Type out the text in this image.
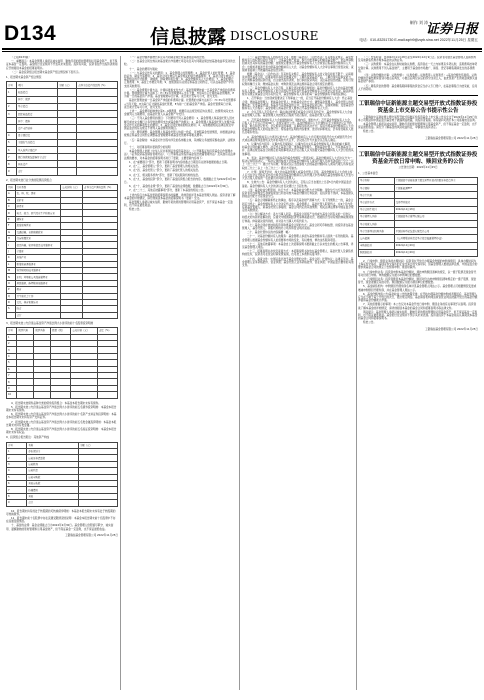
D134	信息披露 DISCLOSURE
制作 刘 涛
证券日报
电话：010-83251730 E-mail:zqrb9@zqrb.sina.net 2022年11月25日 星期五

（上接D133版）

一、重要提示：本基金管理人承诺以诚实信用、勤勉尽责的原则管理和运用基金资产，但不保证本基金一定盈利。基金的过往业绩并不代表其未来表现。投资有风险，投资者在作出投资决策前应仔细阅读本基金的招募说明书。

（二）基金投资组合报告期末基金资产组合情况如下表所示。

1、报告期末基金资产组合情况
序号	项目	金额（元）	占基金总资产的比例（%）
1	权益投资		
	其中：股票		
2	基金投资		
3	固定收益投资		
	其中：债券		
	资产支持证券		
4	贵金属投资		
5	金融衍生品投资		
6	买入返售金融资产		
7	银行存款和结算备付金合计		
8	其他资产		
9	合计		
2、报告期末按行业分类的股票投资组合
代码	行业类别	公允价值（元）	占基金资产净值比例（%）
A	农、林、牧、渔业		
B	采矿业		
C	制造业		
D	电力、热力、燃气及水生产和供应业		
E	建筑业		
F	批发和零售业		
G	交通运输、仓储和邮政业		
H	住宿和餐饮业		
I	信息传输、软件和信息技术服务业		
J	金融业		
K	房地产业		
L	租赁和商务服务业		
M	科学研究和技术服务业		
N	水利、环境和公共设施管理业		
O	居民服务、修理和其他服务业		
P	教育		
Q	卫生和社会工作		
R	文化、体育和娱乐业		
S	综合		
	合计		
3、报告期末按公允价值占基金资产净值比例大小排序的前十名股票投资明细
序号	股票代码	股票名称	数量（股）	公允价值（元）	占比（%）
1					
2					
3					
4					
5					
6					
7					
8					
9					
10					

4、报告期末按债券品种分类的债券投资组合：本基金本报告期末未持有债券。

5、报告期末按公允价值占基金资产净值比例大小排序的前五名债券投资明细：本基金本报告期末未持有债券。

6、报告期末按公允价值占基金资产净值比例大小排序的前十名资产支持证券投资明细：本基金本报告期末未持有资产支持证券。

7、报告期末按公允价值占基金资产净值比例大小排序的前五名贵金属投资明细：本基金本报告期末未持有贵金属。

8、报告期末按公允价值占基金资产净值比例大小排序的前五名权证投资明细：本基金本报告期末未持有权证。

9、投资组合报告附注：其他资产构成
序号	名称	金额（元）
1	存出保证金	
2	应收证券清算款	
3	应收股利	
4	应收利息	
5	应收申购款	
6	其他应收款	
7	待摊费用	
8	其他	
9	合计	

10、报告期末持有的处于转股期的可转换债券明细：本基金本报告期末未持有处于转股期的可转换债券。

11、报告期末前十名股票中存在流通受限情况的说明：本基金本报告期末前十名股票中不存在流通受限情况。

十、基金的业绩：基金业绩截止日为2022年9月30日。基金管理人依照恪尽职守、诚实信用、谨慎勤勉的原则管理和运用基金财产，但不保证基金一定盈利，也不保证最低收益。

工银瑞信基金管理有限公司 2022年11月25日

（一）基金份额净值增长率及其与同期业绩比较基准收益率的比较。

（二）自基金合同生效以来基金累计净值增长率变动及其与同期业绩比较基准收益率变动的比较。

十一、基金的费用与税收

（一）与基金运作有关的费用：1、基金管理人的管理费；2、基金托管人的托管费；3、基金的证券、期货交易费用；4、基金合同生效后与基金相关的信息披露费用；5、基金合同生效后与基金相关的会计师费、律师费、仲裁费和诉讼费；6、基金份额持有人大会费用；7、基金的银行汇划费用；8、基金上市费及年费；9、按照国家有关规定和基金合同约定，可以在基金财产中列支的其他费用。

（二）基金费用计提方法、计提标准和支付方式：基金管理费按前一日基金资产净值的年费率计提。管理费的计算方法如下：H＝E×年管理费率÷当年天数，H为每日应计提的基金管理费，E为前一日的基金资产净值。基金管理费每日计算，逐日累计至每月月末，按月支付。

基金托管费按前一日基金资产净值的年费率计提。托管费的计算方法如下：H＝E×年托管费率÷当年天数，H为每日应计提的基金托管费，E为前一日的基金资产净值。基金托管费每日计算，逐日累计至每月月末，按月支付。

上述一、基金费用的种类中第3－9项费用，根据有关法规及相应协议规定，按费用实际支出金额列入当期费用，由基金托管人从基金财产中支付。

（三）不列入基金费用的项目：下列费用不列入基金费用：1、基金管理人和基金托管人因未履行或未完全履行义务导致的费用支出或基金财产的损失；2、基金管理人和基金托管人处理与基金运作无关的事项发生的费用；3、基金合同生效前的相关费用；4、其他根据相关法律法规及中国证监会的有关规定不得列入基金费用的项目。

（四）费用调整：基金管理人和基金托管人协商一致后，可按照基金发展情况，并根据法律法规规定和基金合同约定调整基金管理费率或基金托管费率等相关费率。

（五）基金税收：本基金运作过程中涉及的各纳税主体，其纳税义务按国家税收法律、法规执行。

十二、对招募说明书更新部分的说明

本基金管理人依据《中华人民共和国证券投资基金法》、《公开募集证券投资基金运作管理办法》、《证券投资基金销售管理办法》、《公开募集证券投资基金信息披露管理办法》及其他有关法律法规的要求，对本基金的招募说明书进行了更新，主要更新内容如下：

1、在“重要提示”部分，更新了招募说明书内容的截止日期及有关财务数据的截止日期。

2、在“三、基金管理人”部分，更新了基金管理人的相关信息。

3、在“四、基金托管人”部分，更新了基金托管人的相关信息。

4、在“五、相关服务机构”部分，更新了相关服务机构的信息。

5、在“九、基金的投资”部分，更新了基金投资组合报告的内容，数据截止日为2022年9月30日。

6、在“十、基金的业绩”部分，更新了基金的业绩数据，数据截止日为2022年9月30日。

7、在“二十二、其他应披露事项”部分，更新了本基金的相关公告。

上述内容仅为本基金更新招募说明书的摘要，详细资料详见本基金管理人网站。投资者欲了解本基金的详细情况，请仔细阅读本基金的招募说明书（更新）全文。

基金管理人承诺以诚实信用、勤勉尽责的原则管理和运用基金资产，但不保证本基金一定盈利，也不保证最低收益。

特此公告。

（二）基金份额持有人的权利与义务：根据《基金法》、《运作办法》及其他有关规定，基金份额持有人的权利包括但不限于：分享基金财产收益；参与分配清算后的剩余基金财产；依法申请赎回或卖出其持有的基金份额；按照规定要求召开基金份额持有人大会或者召集基金份额持有人大会；出席或者委派代表出席基金份额持有人大会，对基金份额持有人大会审议事项行使表决权；查阅或者复制公开披露的基金信息资料。

根据《基金法》、《运作办法》及其他有关规定，基金份额持有人的义务包括但不限于：认真阅读并遵守基金合同、招募说明书等信息披露文件；了解所投资基金产品，了解自身风险承受能力，自主判断基金的投资价值，自主做出投资决策，自行承担投资风险；关注基金信息披露，及时行使权利和履行义务；缴纳基金认购、申购款项及法律法规和基金合同所规定的费用。

（三）基金份额持有人大会召集、议事及表决的程序和规则：基金份额持有人大会由基金份额持有人组成，基金份额持有人的合法授权代表有权代表基金份额持有人出席会议并表决。除法律法规另有规定或基金合同另有约定外，基金份额持有人持有的每一基金份额拥有平等的投票权。

1、召开事由：当出现或需要决定下列事由之一的，应当召开基金份额持有人大会：终止基金合同；更换基金管理人；更换基金托管人；转换基金运作方式；调整基金管理人、基金托管人的报酬标准；变更基金类别；本基金与其他基金的合并；变更基金投资目标、范围或策略；变更基金份额持有人大会程序；基金管理人或基金托管人要求召开基金份额持有人大会。

2、会议召集人及召集方式：除法律法规规定或基金合同另有约定外，基金份额持有人大会由基金管理人召集。基金管理人未按规定召集或不能召集时，由基金托管人召集。

3、召开基金份额持有人大会的通知时间、通知内容、通知方式：召开基金份额持有人大会，召集人应于会议召开前30日，在规定媒介公告。基金份额持有人大会通知应至少载明会议召开的时间、地点和会议形式；会议拟审议的事项、议事程序和表决方式；有权出席基金份额持有人大会的基金份额持有人的权益登记日；授权委托证明的内容要求、送达时间和地点；会务常设联系人姓名及联系电话。

4、基金份额持有人出席会议的方式：基金份额持有人大会可通过现场开会方式或通讯开会方式或法律法规和监管机关允许的其他方式召开，会议的召开方式由会议召集人确定。

5、议事内容与程序：议事内容及提案权，议事内容为关系基金份额持有人利益的重大事项，如基金合同的重大修改、决定终止基金合同、更换基金管理人、更换基金托管人、与其他基金合并、法律法规及基金合同规定的其他事项以及会议召集人认为需提交基金份额持有人大会讨论的其他事项。

6、表决：基金份额持有人所持每份基金份额有一票表决权。基金份额持有人大会决议分为一般决议和特别决议。一般决议须经参加大会的基金份额持有人或其代理人所持表决权的二分之一以上（含二分之一）通过方为有效；特别决议应当经参加大会的基金份额持有人或其代理人所持表决权的三分之二以上（含三分之二）通过方可做出。

7、计票：现场开会时，如大会由基金管理人或基金托管人召集，基金份额持有人大会的主持人应当在会议开始后宣布在出席会议的基金份额持有人和代理人中选举两名基金份额持有人代表与大会召集人授权的一名监督员共同担任监票人。

8、生效与公告：基金份额持有人大会的决议，召集人应当自通过之日起5日内报中国证监会备案。基金份额持有人大会的决议自表决通过之日起生效。

（四）基金收益分配原则、执行方式：本基金收益分配方式分两种：现金分红与红利再投资，投资者可选择现金红利或将现金红利自动转为基金份额进行再投资；若投资者不选择，本基金默认的收益分配方式是现金分红。

（五）基金合同解除和终止的事由、程序以及基金财产清算方式：有下列情形之一的，基金合同应当终止：基金份额持有人大会决定终止的；基金管理人、基金托管人职责终止，在6个月内没有新基金管理人、新基金托管人承接的；基金合同约定的其他情形；相关法律法规和中国证监会规定的其他情况。

（六）争议解决方式：各方当事人同意，因基金合同而产生的或与基金合同有关的一切争议，如经友好协商未能解决的，应提交中国国际经济贸易仲裁委员会，根据该会当时有效的仲裁规则进行仲裁。仲裁裁决是终局的，并对各方当事人均有约束力。

（七）基金合同存放地和投资者取得基金合同的方式：基金合同可印制成册，供投资者在基金管理人、基金托管人、销售机构的办公场所和营业场所查阅。

二十、基金托管协议的内容摘要（略）

二十一、对基金份额持有人的服务：基金管理人承诺为基金份额持有人提供一系列的服务。基金管理人根据基金份额持有人的需要和市场的变化，有权增加、修改这些服务项目。

二十二、其他应披露事项：本基金自上次招募说明书更新截止日以来发生的相关公告事项，详见基金管理人网站。

二十三、招募说明书存放及查阅方式：本招募说明书存放在基金管理人、基金托管人及销售机构的住所，投资者可在营业时间免费查阅，也可按工本费购买复印件。

二十四、备查文件：中国证监会准予基金注册的文件；基金合同；托管协议；法律意见书；基金管理人业务资格批件、营业执照；基金托管人业务资格批件、营业执照；中国证监会要求的其他文件。

（二）发售时间：自2022年11月28日起至2022年12月9日止。投资者可通过基金管理人直销机构及其他销售机构办理本基金的认购业务。

（三）认购费用：本基金在认购时收取认购费，投资者在一天之内如果有多笔认购，适用费率按单笔分别计算。认购费用不列入基金财产，主要用于基金的市场推广、销售、登记等募集期间发生的各项费用。

（四）认购份额的计算：认购份额＝（认购金额－认购费用＋认购利息）÷基金份额发售面值。认购份额的计算结果保留到小数点后两位，小数点后两位以后的部分四舍五入，由此误差产生的收益或损失由基金财产承担。

（五）募集资金的管理：基金募集期间募集的资金应当存入专门账户，在基金募集行为结束前，任何人不得动用。

工银瑞信中证新能源主题交易型开放式指数证券投资基金上市交易公告书提示性公告

工银瑞信中证新能源主题交易型开放式指数证券投资基金上市交易公告书全文于2022年11月25日在本公司网站和中国证监会基金电子披露网站披露，供投资者查阅。如有疑问可拨打本公司客服电话咨询。

本基金管理人承诺以诚实信用、勤勉尽责的原则管理和运用基金资产，但不保证基金一定盈利，也不保证最低收益。请充分了解基金的风险收益特征，审慎做出投资决定。

特此公告。

工银瑞信基金管理有限公司 2022年11月25日
工银瑞信中证新能源主题交易型开放式指数证券投资基金开放日常申购、赎回业务的公告
公告送出日期：2022年11月25日
1、公告基本信息
基金名称	工银瑞信中证新能源主题交易型开放式指数证券投资基金
基金简称	工银新能源ETF
基金主代码	
基金运作方式	交易型开放式
基金合同生效日	2022年11月18日
基金管理人名称	工银瑞信基金管理有限公司
基金托管人名称	
基金注册登记机构名称	中国证券登记结算有限责任公司
公告依据	《公开募集证券投资基金信息披露管理办法》
申购起始日	2022年11月29日
赎回起始日	2022年11月29日

2、日常申购、赎回业务的办理时间：投资者在开放日办理基金份额的申购和赎回，具体办理时间为上海证券交易所、深圳证券交易所的正常交易日的交易时间，但基金管理人根据法律法规、中国证监会的要求或基金合同的规定公告暂停申购、赎回时除外。

3、日常申购业务：投资者申购本基金份额时，须按申购赎回清单的规定，以一揽子股票及现金替代等对价进行申购。申购数额应为最小申购单位的整数倍。

4、日常赎回业务：投资者赎回本基金份额时，赎回对价为按申购赎回清单规定的一揽子股票、现金替代、现金差额及其他对价。赎回数额应为最小赎回单位的整数倍。

5、基金销售机构：申购赎回代理券商名单详见基金管理人网站公示。基金管理人可根据情况变更或增减申购赎回代理券商，并在基金管理人网站公示。

6、基金份额净值公告/基金收益公告的披露安排：在开始办理基金份额申购或者赎回后，基金管理人应当在不晚于每个开放日的次日，通过规定网站、基金销售机构网站或者营业网点披露开放日的基金份额净值和基金份额累计净值。

7、其他需要提示的事项：本公告仅对本基金开放日常申购、赎回业务的有关事项予以说明。投资者欲了解本基金的详细情况，请详细阅读本基金的基金合同和招募说明书等法律文件。

风险提示：基金管理人承诺以诚实信用、勤勉尽责的原则管理和运用基金资产，但不保证基金一定盈利，也不保证最低收益。基金的过往业绩并不预示其未来表现。投资者投资于本基金前应认真阅读本基金的基金合同和招募说明书。

特此公告。

工银瑞信基金管理有限公司 2022年11月25日
